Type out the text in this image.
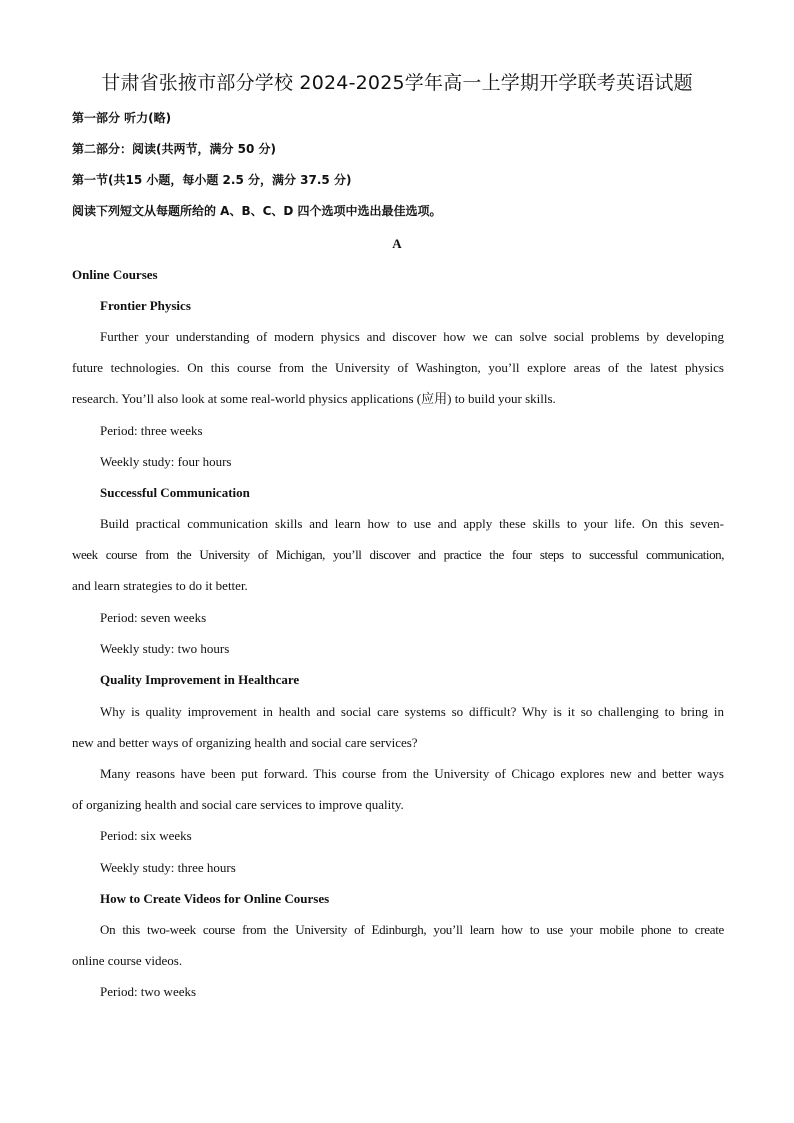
甘肃省张掖市部分学校 2024-2025学年高一上学期开学联考英语试题
第一部分 听力(略)
第二部分：阅读(共两节，满分 50 分)
第一节(共15 小题，每小题 2.5 分，满分 37.5 分)
阅读下列短文从每题所给的 A、B、C、D 四个选项中选出最佳选项。
A
Online Courses
Frontier Physics
Further your understanding of modern physics and discover how we can solve social problems by developing
future technologies. On this course from the University of Washington, you’ll explore areas of the latest physics
research. You’ll also look at some real-world physics applications (应用) to build your skills.
Period: three weeks
Weekly study: four hours
Successful Communication
Build practical communication skills and learn how to use and apply these skills to your life. On this seven-
week course from the University of Michigan, you’ll discover and practice the four steps to successful communication,
and learn strategies to do it better.
Period: seven weeks
Weekly study: two hours
Quality Improvement in Healthcare
Why is quality improvement in health and social care systems so difficult? Why is it so challenging to bring in
new and better ways of organizing health and social care services?
Many reasons have been put forward. This course from the University of Chicago explores new and better ways
of organizing health and social care services to improve quality.
Period: six weeks
Weekly study: three hours
How to Create Videos for Online Courses
On this two-week course from the University of Edinburgh, you’ll learn how to use your mobile phone to create
online course videos.
Period: two weeks
